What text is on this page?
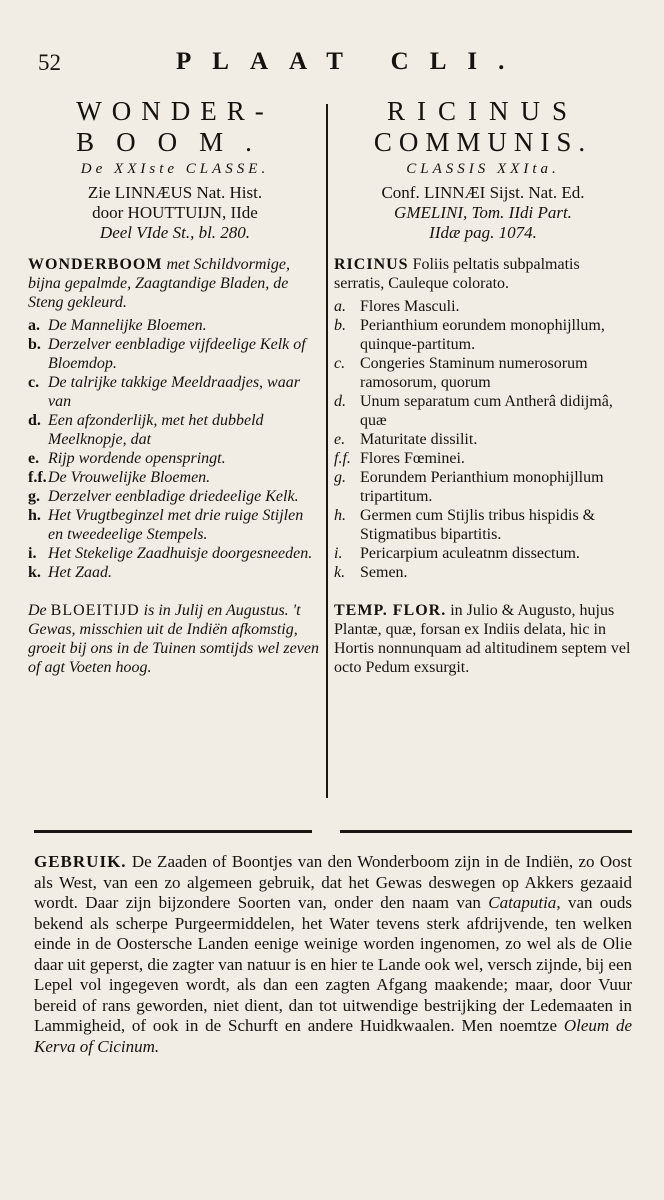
52	PLAAT CLI.
WONDER-
BOOM.
De XXIste CLASSE.
Zie LINNÆUS Nat. Hist.
door HOUTTUIJN, IIde
Deel VIde St., bl. 280.
WONDERBOOM met Schildvormige, bijna gepalmde, Zaagtandige Bladen, de Steng gekleurd.
a. De Mannelijke Bloemen.
b. Derzelver eenbladige vijfdeelige Kelk of Bloemdop.
c. De talrijke takkige Meeldraadjes, waar van
d. Een afzonderlijk, met het dubbeld Meelknopje, dat
e. Rijp wordende openspringt.
f.f. De Vrouwelijke Bloemen.
g. Derzelver eenbladige driedeelige Kelk.
h. Het Vrugtbeginzel met drie ruige Stijlen en tweedeelige Stempels.
i. Het Stekelige Zaadhuisje doorgesneeden.
k. Het Zaad.
De BLOEITIJD is in Julij en Augustus. 't Gewas, misschien uit de Indiën afkomstig, groeit bij ons in de Tuinen somtijds wel zeven of agt Voeten hoog.
RICINUS
COMMUNIS.
CLASSIS XXIta.
Conf. LINNÆI Sijst. Nat. Ed.
GMELINI, Tom. IIdi Part.
IIdæ pag. 1074.
RICINUS Foliis peltatis subpalmatis serratis, Cauleque colorato.
a. Flores Masculi.
b. Perianthium eorundem monophijllum, quinque-partitum.
c. Congeries Staminum numerosorum ramosorum, quorum
d. Unum separatum cum Antherâ didijmâ, quæ
e. Maturitate dissilit.
f.f. Flores Fœminei.
g. Eorundem Perianthium monophijllum tripartitum.
h. Germen cum Stijlis tribus hispidis & Stigmatibus bipartitis.
i.	Pericarpium aculeatnm dissectum.
k. Semen.
TEMP. FLOR. in Julio & Augusto, hujus Plantæ, quæ, forsan ex Indiis delata, hic in Hortis nonnunquam ad altitudinem septem vel octo Pedum exsurgit.
GEBRUIK. De Zaaden of Boontjes van den Wonderboom zijn in de Indiën, zo Oost als West, van een zo algemeen gebruik, dat het Gewas deswegen op Akkers gezaaid wordt. Daar zijn bijzondere Soorten van, onder den naam van Cataputia, van ouds bekend als scherpe Purgeermiddelen, het Water tevens sterk afdrijvende, ten welken einde in de Oostersche Landen eenige weinige worden ingenomen, zo wel als de Olie daar uit geperst, die zagter van natuur is en hier te Lande ook wel, versch zijnde, bij een Lepel vol ingegeven wordt, als dan een zagten Afgang maakende; maar, door Vuur bereid of rans geworden, niet dient, dan tot uitwendige bestrijking der Ledemaaten in Lammigheid, of ook in de Schurft en andere Huidkwaalen. Men noemtze Oleum de Kerva of Cicinum.
